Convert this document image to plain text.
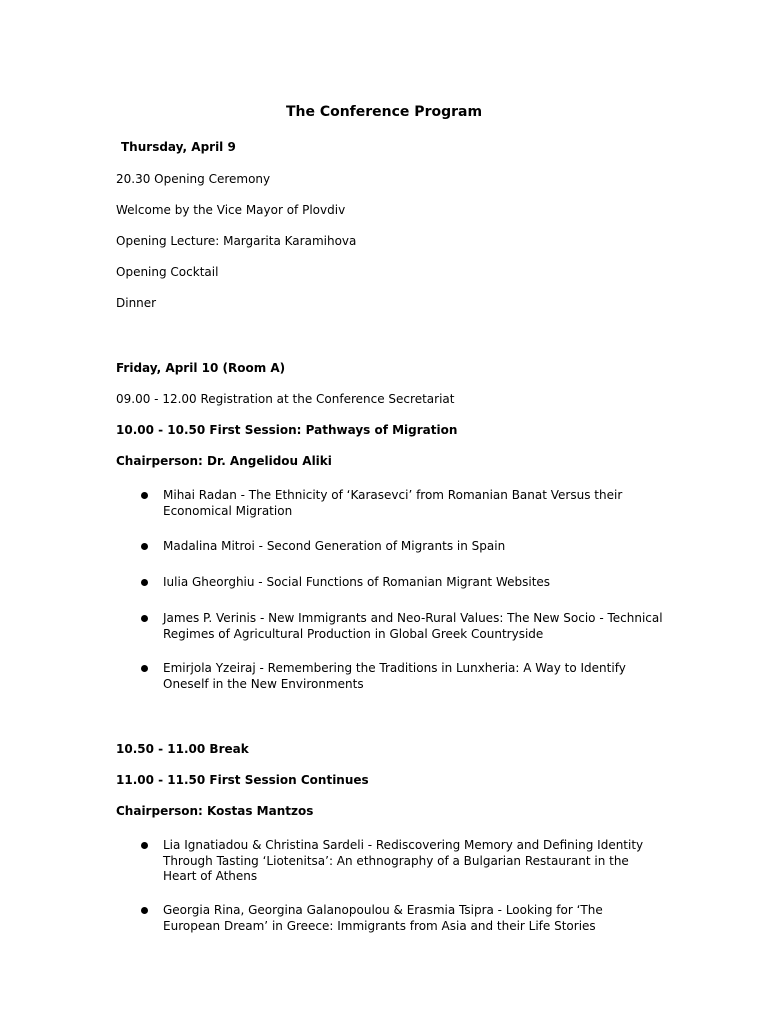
The Conference Program
Thursday, April 9
20.30 Opening Ceremony
Welcome by the Vice Mayor of Plovdiv
Opening Lecture: Margarita Karamihova
Opening Cocktail
Dinner
Friday, April 10 (Room A)
09.00 - 12.00 Registration at the Conference Secretariat
10.00 - 10.50 First Session: Pathways of Migration
Chairperson: Dr. Angelidou Aliki
Mihai Radan - The Ethnicity of ‘Karasevci’ from Romanian Banat Versus their Economical Migration
Madalina Mitroi - Second Generation of Migrants in Spain
Iulia Gheorghiu - Social Functions of Romanian Migrant Websites
James P. Verinis - New Immigrants and Neo-Rural Values: The New Socio - Technical Regimes of Agricultural Production in Global Greek Countryside
Emirjola Yzeiraj - Remembering the Traditions in Lunxheria: A Way to Identify Oneself in the New Environments
10.50 - 11.00 Break
11.00 - 11.50 First Session Continues
Chairperson: Kostas Mantzos
Lia Ignatiadou & Christina Sardeli - Rediscovering Memory and Defining Identity Through Tasting ‘Liotenitsa’: An ethnography of a Bulgarian Restaurant in the Heart of Athens
Georgia Rina, Georgina Galanopoulou & Erasmia Tsipra - Looking for ‘The European Dream’ in Greece: Immigrants from Asia and their Life Stories
